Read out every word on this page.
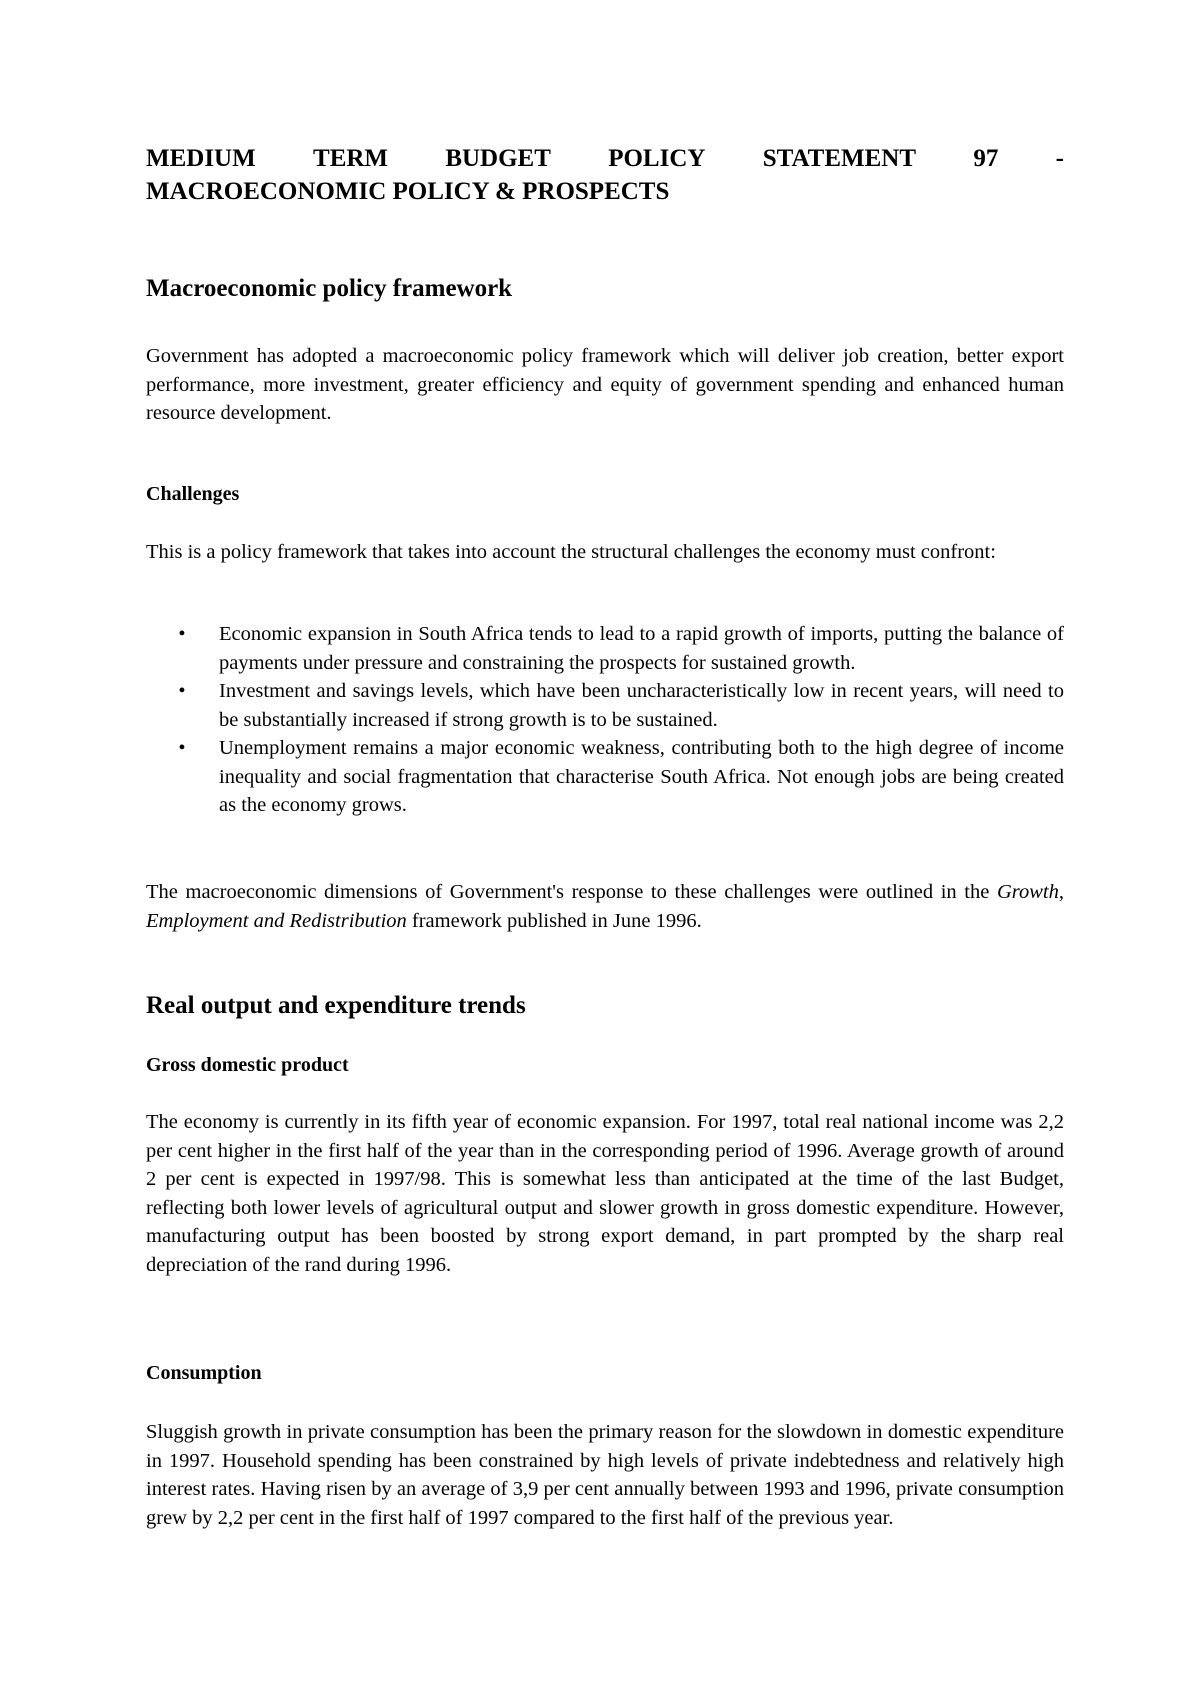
MEDIUM TERM BUDGET POLICY STATEMENT 97 -
MACROECONOMIC POLICY & PROSPECTS
Macroeconomic policy framework

Government has adopted a macroeconomic policy framework which will deliver job creation, better export performance, more investment, greater efficiency and equity of government spending and enhanced human resource development.

Challenges

This is a policy framework that takes into account the structural challenges the economy must confront:

•	Economic expansion in South Africa tends to lead to a rapid growth of imports, putting the balance of payments under pressure and constraining the prospects for sustained growth.
•	Investment and savings levels, which have been uncharacteristically low in recent years, will need to be substantially increased if strong growth is to be sustained.
•	Unemployment remains a major economic weakness, contributing both to the high degree of income inequality and social fragmentation that characterise South Africa. Not enough jobs are being created as the economy grows.

The macroeconomic dimensions of Government's response to these challenges were outlined in the Growth, Employment and Redistribution framework published in June 1996.

Real output and expenditure trends
Gross domestic product

The economy is currently in its fifth year of economic expansion. For 1997, total real national income was 2,2 per cent higher in the first half of the year than in the corresponding period of 1996. Average growth of around 2 per cent is expected in 1997/98. This is somewhat less than anticipated at the time of the last Budget, reflecting both lower levels of agricultural output and slower growth in gross domestic expenditure. However, manufacturing output has been boosted by strong export demand, in part prompted by the sharp real depreciation of the rand during 1996.

Consumption

Sluggish growth in private consumption has been the primary reason for the slowdown in domestic expenditure in 1997. Household spending has been constrained by high levels of private indebtedness and relatively high interest rates. Having risen by an average of 3,9 per cent annually between 1993 and 1996, private consumption grew by 2,2 per cent in the first half of 1997 compared to the first half of the previous year.
